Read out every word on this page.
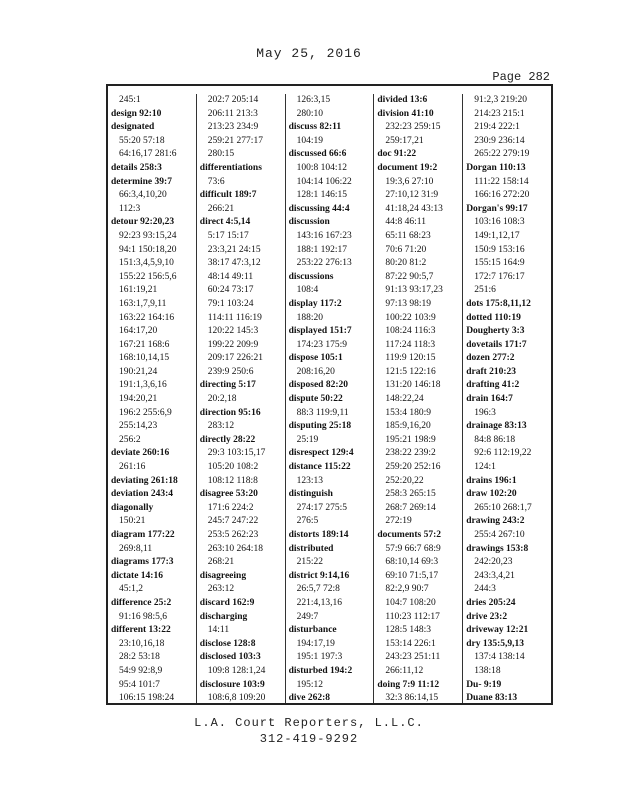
May 25, 2016
Page 282
245:1
design 92:10
designated
55:20 57:18
64:16,17 281:6
details 258:3
determine 39:7
66:3,4,10,20
112:3
detour 92:20,23
92:23 93:15,24
94:1 150:18,20
151:3,4,5,9,10
155:22 156:5,6
161:19,21
163:1,7,9,11
163:22 164:16
164:17,20
167:21 168:6
168:10,14,15
190:21,24
191:1,3,6,16
194:20,21
196:2 255:6,9
255:14,23
256:2
deviate 260:16
261:16
deviating 261:18
deviation 243:4
diagonally
150:21
diagram 177:22
269:8,11
diagrams 177:3
dictate 14:16
45:1,2
difference 25:2
91:16 98:5,6
different 13:22
23:10,16,18
28:2 53:18
54:9 92:8,9
95:4 101:7
106:15 198:24
202:7 205:14
206:11 213:3
213:23 234:9
259:21 277:17
280:15
differentiations
73:6
difficult 189:7
266:21
direct 4:5,14
5:17 15:17
23:3,21 24:15
38:17 47:3,12
48:14 49:11
60:24 73:17
79:1 103:24
114:11 116:19
120:22 145:3
199:22 209:9
209:17 226:21
239:9 250:6
directing 5:17
20:2,18
direction 95:16
283:12
directly 28:22
29:3 103:15,17
105:20 108:2
108:12 118:8
disagree 53:20
171:6 224:2
245:7 247:22
253:5 262:23
263:10 264:18
268:21
disagreeing
263:12
discard 162:9
discharging
14:11
disclose 128:8
disclosed 103:3
109:8 128:1,24
disclosure 103:9
108:6,8 109:20
126:3,15
280:10
discuss 82:11
104:19
discussed 66:6
100:8 104:12
104:14 106:22
128:1 146:15
discussing 44:4
discussion
143:16 167:23
188:1 192:17
253:22 276:13
discussions
108:4
display 117:2
188:20
displayed 151:7
174:23 175:9
dispose 105:1
208:16,20
disposed 82:20
dispute 50:22
88:3 119:9,11
disputing 25:18
25:19
disrespect 129:4
distance 115:22
123:13
distinguish
274:17 275:5
276:5
distorts 189:14
distributed
215:22
district 9:14,16
26:5,7 72:8
221:4,13,16
249:7
disturbance
194:17,19
195:1 197:3
disturbed 194:2
195:12
dive 262:8
divided 13:6
division 41:10
232:23 259:15
259:17,21
doc 91:22
document 19:2
19:3,6 27:10
27:10,12 31:9
41:18,24 43:13
44:8 46:11
65:11 68:23
70:6 71:20
80:20 81:2
87:22 90:5,7
91:13 93:17,23
97:13 98:19
100:22 103:9
108:24 116:3
117:24 118:3
119:9 120:15
121:5 122:16
131:20 146:18
148:22,24
153:4 180:9
185:9,16,20
195:21 198:9
238:22 239:2
259:20 252:16
252:20,22
258:3 265:15
268:7 269:14
272:19
documents 57:2
57:9 66:7 68:9
68:10,14 69:3
69:10 71:5,17
82:2,9 90:7
104:7 108:20
110:23 112:17
128:5 148:3
153:14 226:1
243:23 251:11
266:11,12
doing 7:9 11:12
32:3 86:14,15
91:2,3 219:20
214:23 215:1
219:4 222:1
230:9 236:14
265:22 279:19
Dorgan 110:13
111:22 158:14
166:16 272:20
Dorgan's 99:17
103:16 108:3
149:1,12,17
150:9 153:16
155:15 164:9
172:7 176:17
251:6
dots 175:8,11,12
dotted 110:19
Dougherty 3:3
dovetails 171:7
dozen 277:2
draft 210:23
drafting 41:2
drain 164:7
196:3
drainage 83:13
84:8 86:18
92:6 112:19,22
124:1
drains 196:1
draw 102:20
265:10 268:1,7
drawing 243:2
255:4 267:10
drawings 153:8
242:20,23
243:3,4,21
244:3
dries 205:24
drive 23:2
driveway 12:21
dry 135:5,9,13
137:4 138:14
138:18
Du- 9:19
Duane 83:13
L.A. Court Reporters, L.L.C.
312-419-9292
